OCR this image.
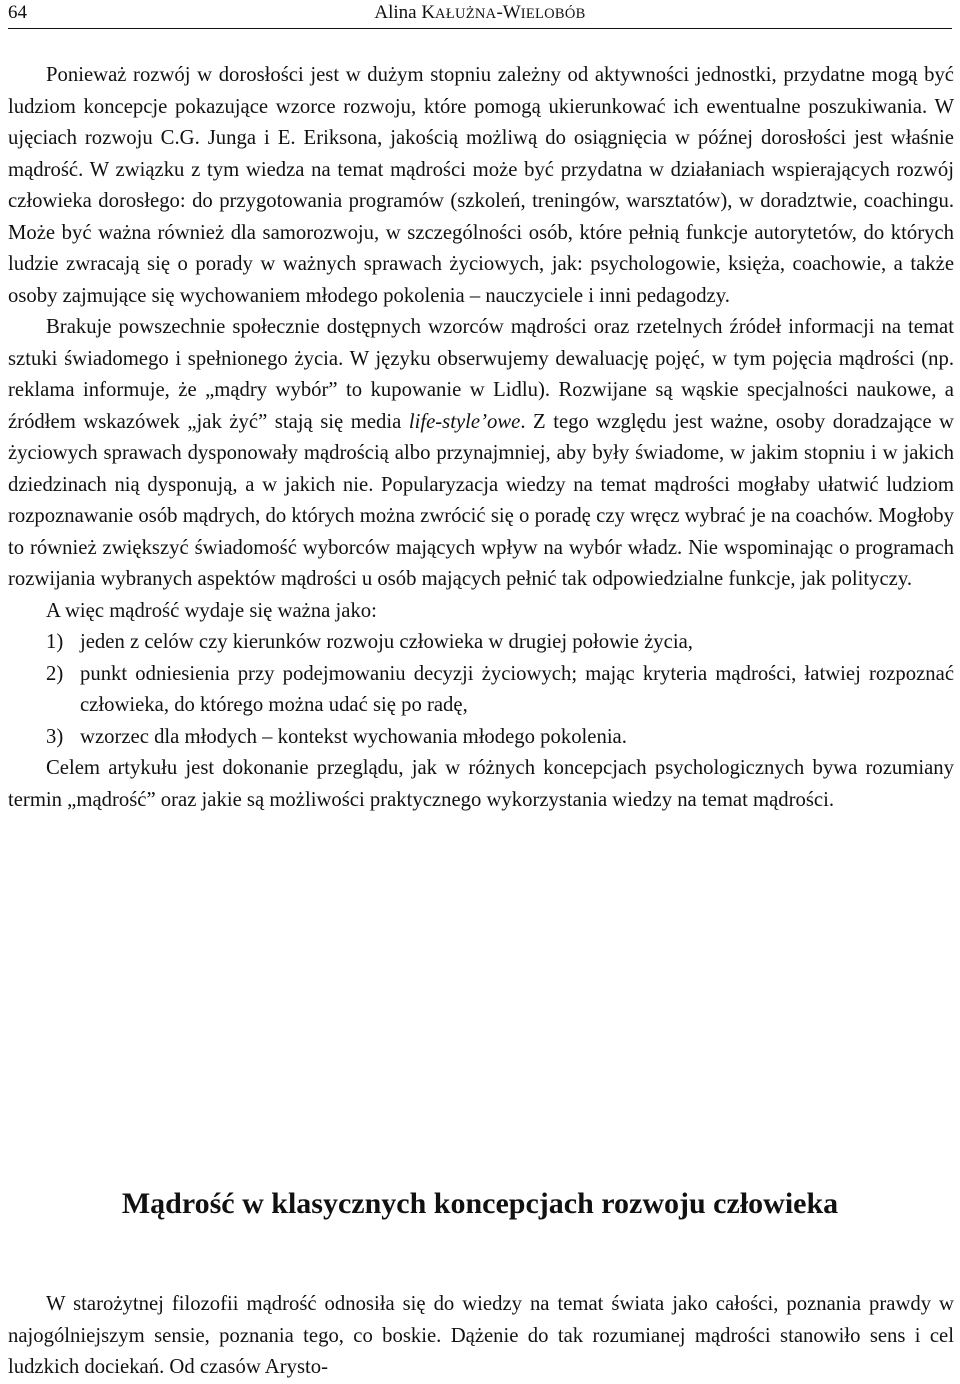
64	Alina KAŁUŻNA-WIELOBÓB

Ponieważ rozwój w dorosłości jest w dużym stopniu zależny od aktywności jednostki, przydatne mogą być ludziom koncepcje pokazujące wzorce rozwoju, które pomogą ukierunkować ich ewentualne poszukiwania. W ujęciach rozwoju C.G. Junga i E. Eriksona, jakością możliwą do osiągnięcia w późnej dorosłości jest właśnie mądrość. W związku z tym wiedza na temat mądrości może być przydatna w działaniach wspierających rozwój człowieka dorosłego: do przygotowania programów (szkoleń, treningów, warsztatów), w doradztwie, coachingu. Może być ważna również dla samorozwoju, w szczególności osób, które pełnią funkcje autorytetów, do których ludzie zwracają się o porady w ważnych sprawach życiowych, jak: psychologowie, księża, coachowie, a także osoby zajmujące się wychowaniem młodego pokolenia – nauczyciele i inni pedagodzy.

Brakuje powszechnie społecznie dostępnych wzorców mądrości oraz rzetelnych źródeł informacji na temat sztuki świadomego i spełnionego życia. W języku obserwujemy dewaluację pojęć, w tym pojęcia mądrości (np. reklama informuje, że „mądry wybór” to kupowanie w Lidlu). Rozwijane są wąskie specjalności naukowe, a źródłem wskazówek „jak żyć” stają się media life-style’owe. Z tego względu jest ważne, osoby doradzające w życiowych sprawach dysponowały mądrością albo przynajmniej, aby były świadome, w jakim stopniu i w jakich dziedzinach nią dysponują, a w jakich nie. Popularyzacja wiedzy na temat mądrości mogłaby ułatwić ludziom rozpoznawanie osób mądrych, do których można zwrócić się o poradę czy wręcz wybrać je na coachów. Mogłoby to również zwiększyć świadomość wyborców mających wpływ na wybór władz. Nie wspominając o programach rozwijania wybranych aspektów mądrości u osób mających pełnić tak odpowiedzialne funkcje, jak polityczy.

A więc mądrość wydaje się ważna jako:

1) jeden z celów czy kierunków rozwoju człowieka w drugiej połowie życia,
2) punkt odniesienia przy podejmowaniu decyzji życiowych; mając kryteria mądrości, łatwiej rozpoznać człowieka, do którego można udać się po radę,
3) wzorzec dla młodych – kontekst wychowania młodego pokolenia.

Celem artykułu jest dokonanie przeglądu, jak w różnych koncepcjach psychologicznych bywa rozumiany termin „mądrość” oraz jakie są możliwości praktycznego wykorzystania wiedzy na temat mądrości.

Mądrość w klasycznych koncepcjach rozwoju człowieka

W starożytnej filozofii mądrość odnosiła się do wiedzy na temat świata jako całości, poznania prawdy w najogólniejszym sensie, poznania tego, co boskie. Dążenie do tak rozumianej mądrości stanowiło sens i cel ludzkich dociekań. Od czasów Arysto-
